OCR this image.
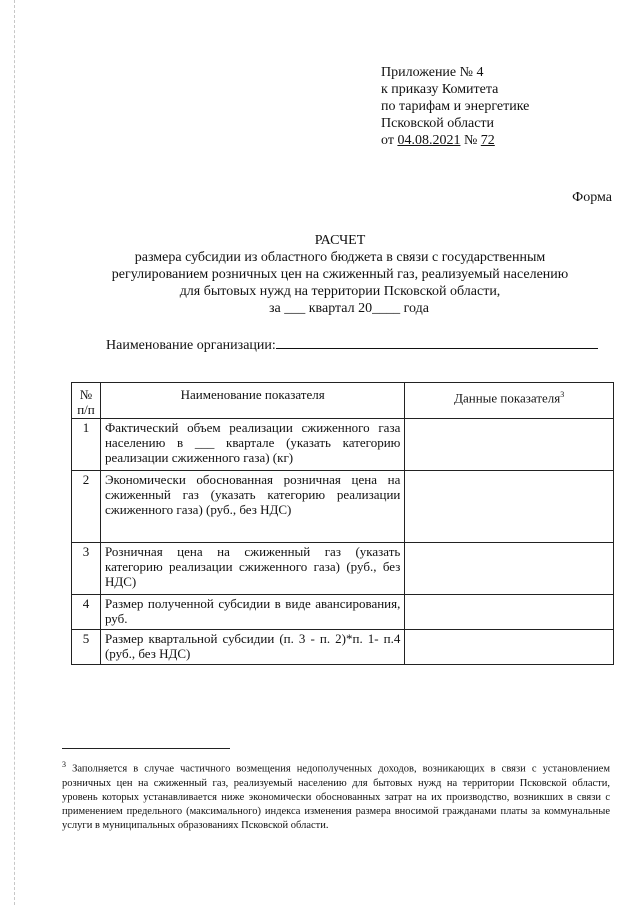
Приложение № 4
к приказу Комитета
по тарифам и энергетике
Псковской области
от 04.08.2021 № 72
Форма
РАСЧЕТ
размера субсидии из областного бюджета в связи с государственным
регулированием розничных цен на сжиженный газ, реализуемый населению
для бытовых нужд на территории Псковской области,
за ___ квартал 20____ года
Наименование организации:
№ п/п	Наименование показателя	Данные показателя$^3$
1	Фактический объем реализации сжиженного газа населению в ___ квартале (указать категорию реализации сжиженного газа) (кг)	
2	Экономически обоснованная розничная цена на сжиженный газ (указать категорию реализации сжиженного газа) (руб., без НДС)	
3	Розничная цена на сжиженный газ (указать категорию реализации сжиженного газа) (руб., без НДС)	
4	Размер полученной субсидии в виде авансирования, руб.	
5	Размер квартальной субсидии (п. 3 - п. 2)*п. 1- п.4 (руб., без НДС)	
$^3$ Заполняется в случае частичного возмещения недополученных доходов, возникающих в связи с установлением розничных цен на сжиженный газ, реализуемый населению для бытовых нужд на территории Псковской области, уровень которых устанавливается ниже экономически обоснованных затрат на их производство, возникших в связи с применением предельного (максимального) индекса изменения размера вносимой гражданами платы за коммунальные услуги в муниципальных образованиях Псковской области.
